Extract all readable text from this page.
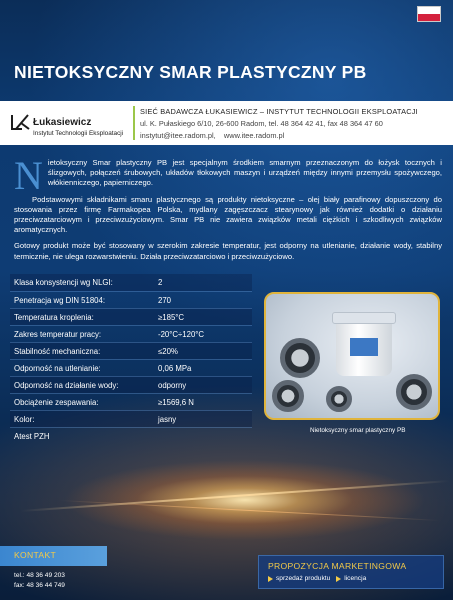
NIETOKSYCZNY SMAR PLASTYCZNY PB
Łukasiewicz
Instytut Technologii Eksploatacji
SIEĆ BADAWCZA ŁUKASIEWICZ – INSTYTUT TECHNOLOGII EKSPLOATACJI
ul. K. Pułaskiego 6/10, 26-600 Radom, tel. 48 364 42 41, fax 48 364 47 60
instytut@itee.radom.pl, www.itee.radom.pl

Nietoksyczny Smar plastyczny PB jest specjalnym środkiem smarnym przeznaczonym do łożysk tocznych i ślizgowych, połączeń śrubowych, układów tłokowych maszyn i urządzeń między innymi przemysłu spożywczego, włókienniczego, papierniczego.

Podstawowymi składnikami smaru plastycznego są produkty nietoksyczne – olej biały parafinowy dopuszczony do stosowania przez firmę Farmakopea Polska, mydlany zagęszczacz stearynowy jak również dodatki o działaniu przeciwzatarciowym i przeciwzużyciowym. Smar PB nie zawiera związków metali ciężkich i szkodliwych związków aromatycznych.

Gotowy produkt może być stosowany w szerokim zakresie temperatur, jest odporny na utlenianie, działanie wody, stabilny termicznie, nie ulega rozwarstwieniu. Działa przeciwzatarciowo i przeciwzużyciowo.

Klasa konsystencji wg NLGI:	2
Penetracja wg DIN 51804:	270
Temperatura kroplenia:	≥185°C
Zakres temperatur pracy:	-20°C÷120°C
Stabilność mechaniczna:	≤20%
Odporność na utlenianie:	0,06 MPa
Odporność na działanie wody:	odporny
Obciążenie zespawania:	≥1569,6 N
Kolor:	jasny
Atest PZH
Nietoksyczny smar plastyczny PB
KONTAKT
tel.: 48 36 49 203
fax: 48 36 44 749
PROPOZYCJA MARKETINGOWA
sprzedaż produktu licencja
